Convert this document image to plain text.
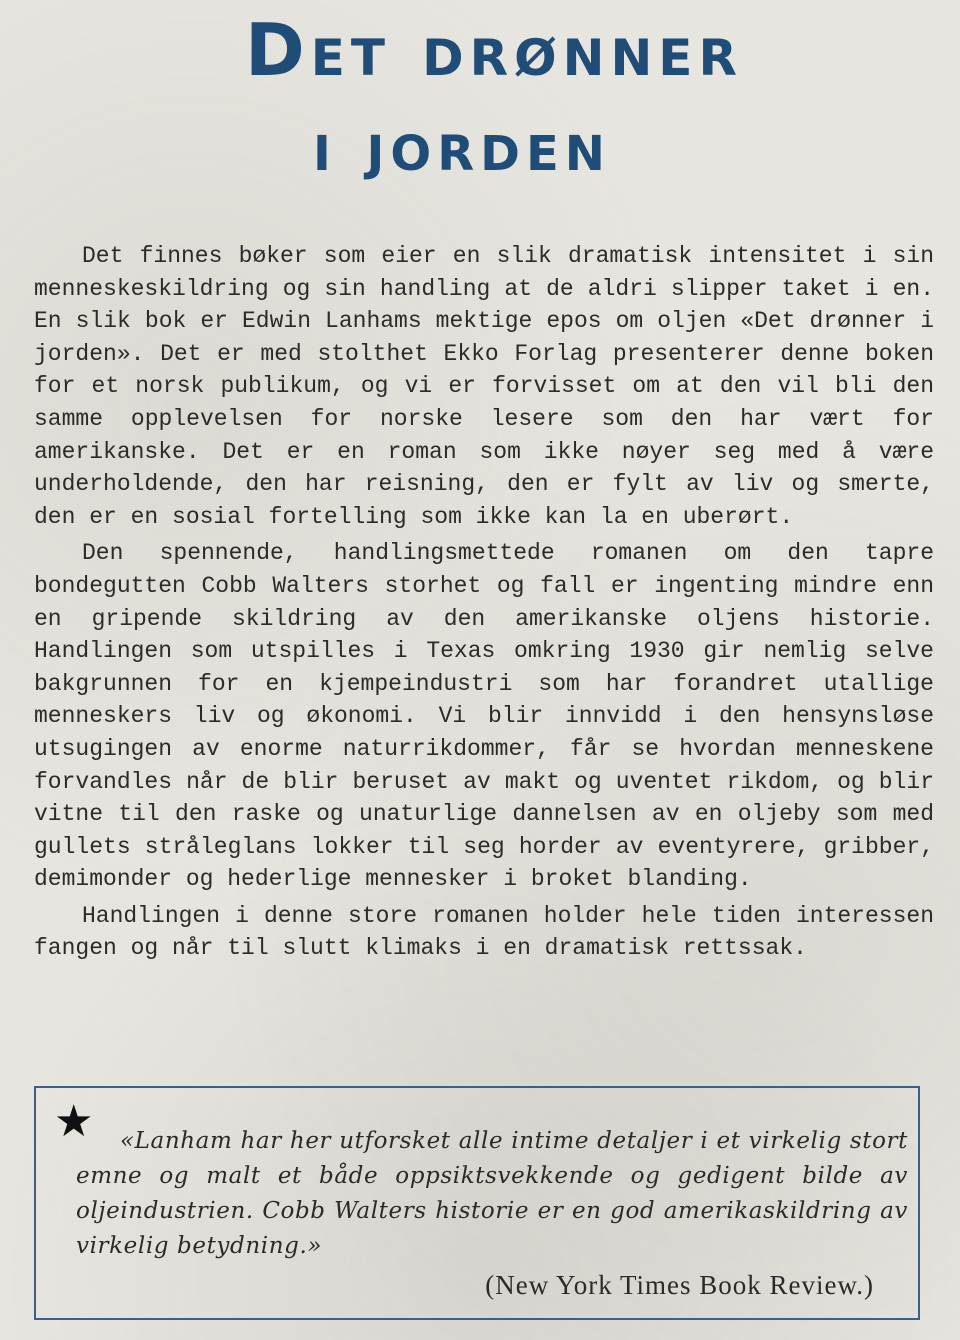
Det drønner
i jorden

Det finnes bøker som eier en slik dramatisk intensitet i sin menneskeskildring og sin handling at de aldri slipper taket i en. En slik bok er Edwin Lanhams mektige epos om oljen «Det drønner i jorden». Det er med stolthet Ekko Forlag presenterer denne boken for et norsk publikum, og vi er forvisset om at den vil bli den samme opplevelsen for norske lesere som den har vært for amerikanske. Det er en roman som ikke nøyer seg med å være underholdende, den har reisning, den er fylt av liv og smerte, den er en sosial fortelling som ikke kan la en uberørt.

Den spennende, handlingsmettede romanen om den tapre bondegutten Cobb Walters storhet og fall er ingenting mindre enn en gripende skildring av den amerikanske oljens historie. Handlingen som utspilles i Texas omkring 1930 gir nemlig selve bakgrunnen for en kjempeindustri som har forandret utallige menneskers liv og økonomi. Vi blir innvidd i den hensynsløse utsugingen av enorme naturrikdommer, får se hvordan menneskene forvandles når de blir beruset av makt og uventet rikdom, og blir vitne til den raske og unaturlige dannelsen av en oljeby som med gullets stråleglans lokker til seg horder av eventyrere, gribber, demimonder og hederlige mennesker i broket blanding.

Handlingen i denne store romanen holder hele tiden interessen fangen og når til slutt klimaks i en dramatisk rettssak.

★	«Lanham har her utforsket alle intime detaljer i et virkelig stort emne og malt et både oppsiktsvekkende og gedigent bilde av oljeindustrien. Cobb Walters historie er en god amerikaskildring av virkelig betydning.»

(New York Times Book Review.)
